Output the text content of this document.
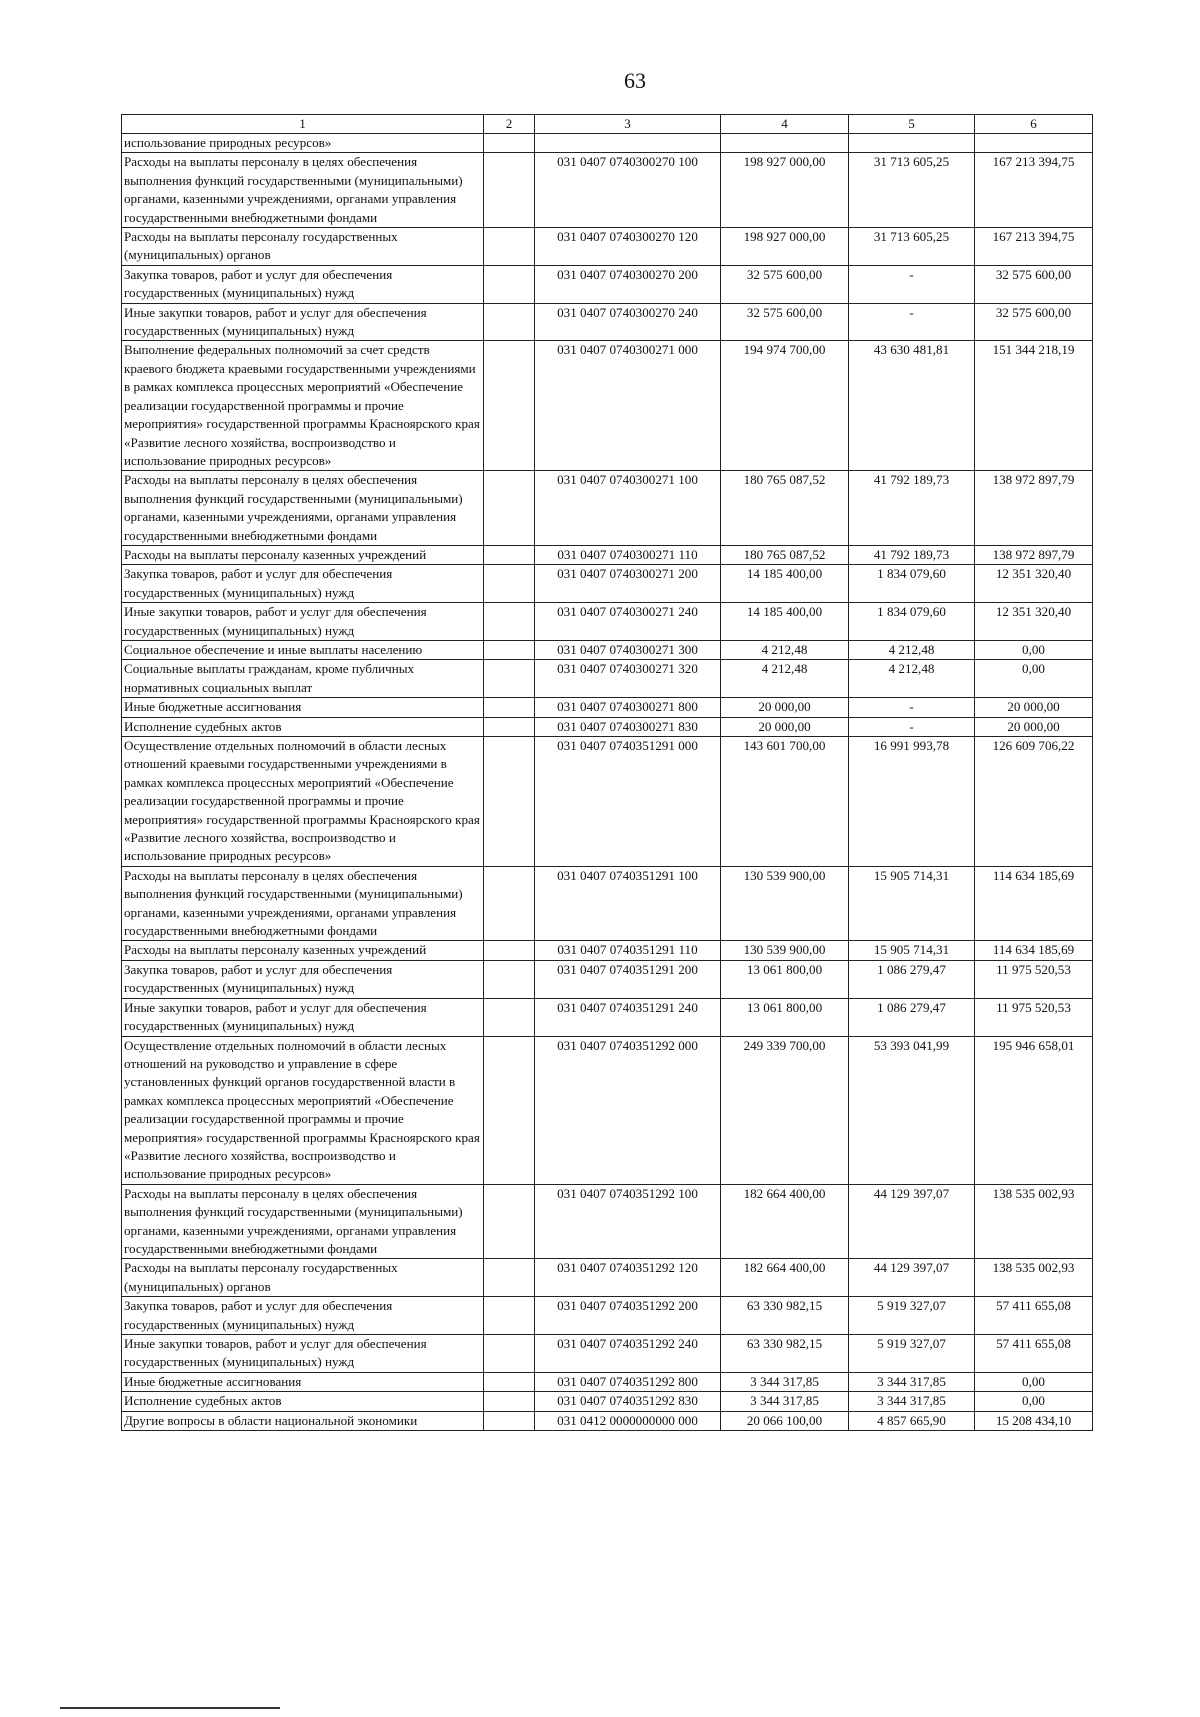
63
1	2	3	4	5	6
использование природных ресурсов»					
Расходы на выплаты персоналу в целях обеспечения выполнения функций государственными (муниципальными) органами, казенными учреждениями, органами управления государственными внебюджетными фондами		031 0407 0740300270 100	198 927 000,00	31 713 605,25	167 213 394,75
Расходы на выплаты персоналу государственных (муниципальных) органов		031 0407 0740300270 120	198 927 000,00	31 713 605,25	167 213 394,75
Закупка товаров, работ и услуг для обеспечения государственных (муниципальных) нужд		031 0407 0740300270 200	32 575 600,00	-	32 575 600,00
Иные закупки товаров, работ и услуг для обеспечения государственных (муниципальных) нужд		031 0407 0740300270 240	32 575 600,00	-	32 575 600,00
Выполнение федеральных полномочий за счет средств краевого бюджета краевыми государственными учреждениями в рамках комплекса процессных мероприятий «Обеспечение реализации государственной программы и прочие мероприятия» государственной программы Красноярского края «Развитие лесного хозяйства, воспроизводство и использование природных ресурсов»		031 0407 0740300271 000	194 974 700,00	43 630 481,81	151 344 218,19
Расходы на выплаты персоналу в целях обеспечения выполнения функций государственными (муниципальными) органами, казенными учреждениями, органами управления государственными внебюджетными фондами		031 0407 0740300271 100	180 765 087,52	41 792 189,73	138 972 897,79
Расходы на выплаты персоналу казенных учреждений		031 0407 0740300271 110	180 765 087,52	41 792 189,73	138 972 897,79
Закупка товаров, работ и услуг для обеспечения государственных (муниципальных) нужд		031 0407 0740300271 200	14 185 400,00	1 834 079,60	12 351 320,40
Иные закупки товаров, работ и услуг для обеспечения государственных (муниципальных) нужд		031 0407 0740300271 240	14 185 400,00	1 834 079,60	12 351 320,40
Социальное обеспечение и иные выплаты населению		031 0407 0740300271 300	4 212,48	4 212,48	0,00
Социальные выплаты гражданам, кроме публичных нормативных социальных выплат		031 0407 0740300271 320	4 212,48	4 212,48	0,00
Иные бюджетные ассигнования		031 0407 0740300271 800	20 000,00	-	20 000,00
Исполнение судебных актов		031 0407 0740300271 830	20 000,00	-	20 000,00
Осуществление отдельных полномочий в области лесных отношений краевыми государственными учреждениями в рамках комплекса процессных мероприятий «Обеспечение реализации государственной программы и прочие мероприятия» государственной программы Красноярского края «Развитие лесного хозяйства, воспроизводство и использование природных ресурсов»		031 0407 0740351291 000	143 601 700,00	16 991 993,78	126 609 706,22
Расходы на выплаты персоналу в целях обеспечения выполнения функций государственными (муниципальными) органами, казенными учреждениями, органами управления государственными внебюджетными фондами		031 0407 0740351291 100	130 539 900,00	15 905 714,31	114 634 185,69
Расходы на выплаты персоналу казенных учреждений		031 0407 0740351291 110	130 539 900,00	15 905 714,31	114 634 185,69
Закупка товаров, работ и услуг для обеспечения государственных (муниципальных) нужд		031 0407 0740351291 200	13 061 800,00	1 086 279,47	11 975 520,53
Иные закупки товаров, работ и услуг для обеспечения государственных (муниципальных) нужд		031 0407 0740351291 240	13 061 800,00	1 086 279,47	11 975 520,53
Осуществление отдельных полномочий в области лесных отношений на руководство и управление в сфере установленных функций органов государственной власти в рамках комплекса процессных мероприятий «Обеспечение реализации государственной программы и прочие мероприятия» государственной программы Красноярского края «Развитие лесного хозяйства, воспроизводство и использование природных ресурсов»		031 0407 0740351292 000	249 339 700,00	53 393 041,99	195 946 658,01
Расходы на выплаты персоналу в целях обеспечения выполнения функций государственными (муниципальными) органами, казенными учреждениями, органами управления государственными внебюджетными фондами		031 0407 0740351292 100	182 664 400,00	44 129 397,07	138 535 002,93
Расходы на выплаты персоналу государственных (муниципальных) органов		031 0407 0740351292 120	182 664 400,00	44 129 397,07	138 535 002,93
Закупка товаров, работ и услуг для обеспечения государственных (муниципальных) нужд		031 0407 0740351292 200	63 330 982,15	5 919 327,07	57 411 655,08
Иные закупки товаров, работ и услуг для обеспечения государственных (муниципальных) нужд		031 0407 0740351292 240	63 330 982,15	5 919 327,07	57 411 655,08
Иные бюджетные ассигнования		031 0407 0740351292 800	3 344 317,85	3 344 317,85	0,00
Исполнение судебных актов		031 0407 0740351292 830	3 344 317,85	3 344 317,85	0,00
Другие вопросы в области национальной экономики		031 0412 0000000000 000	20 066 100,00	4 857 665,90	15 208 434,10
